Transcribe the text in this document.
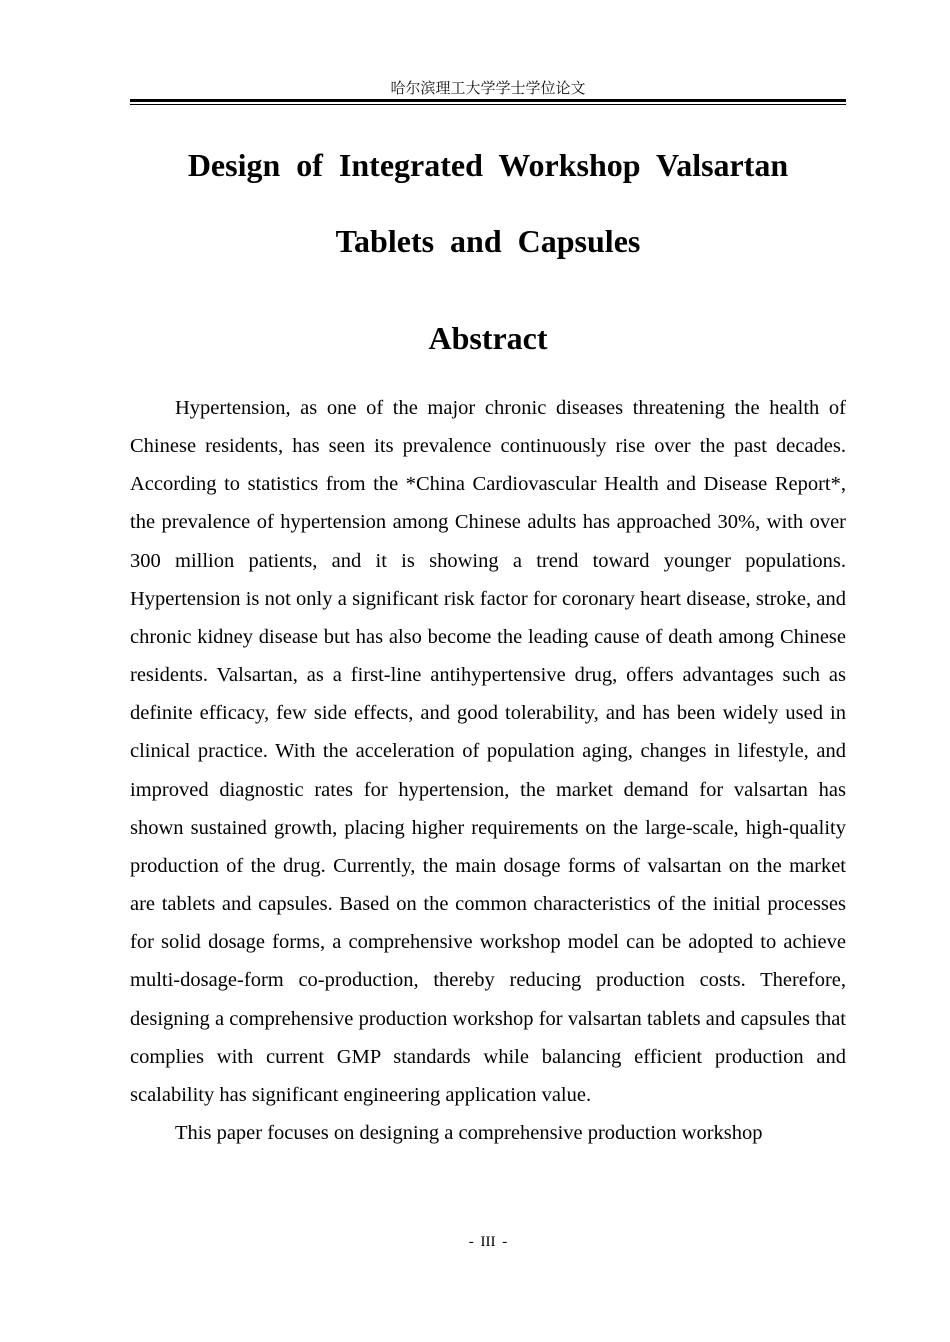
哈尔滨理工大学学士学位论文
Design of Integrated Workshop Valsartan
Tablets and Capsules
Abstract

Hypertension, as one of the major chronic diseases threatening the health of Chinese residents, has seen its prevalence continuously rise over the past decades. According to statistics from the *China Cardiovascular Health and Disease Report*, the prevalence of hypertension among Chinese adults has approached 30%, with over 300 million patients, and it is showing a trend toward younger populations. Hypertension is not only a significant risk factor for coronary heart disease, stroke, and chronic kidney disease but has also become the leading cause of death among Chinese residents. Valsartan, as a first-line antihypertensive drug, offers advantages such as definite efficacy, few side effects, and good tolerability, and has been widely used in clinical practice. With the acceleration of population aging, changes in lifestyle, and improved diagnostic rates for hypertension, the market demand for valsartan has shown sustained growth, placing higher requirements on the large-scale, high-quality production of the drug. Currently, the main dosage forms of valsartan on the market are tablets and capsules. Based on the common characteristics of the initial processes for solid dosage forms, a comprehensive workshop model can be adopted to achieve multi-dosage-form co-production, thereby reducing production costs. Therefore, designing a comprehensive production workshop for valsartan tablets and capsules that complies with current GMP standards while balancing efficient production and scalability has significant engineering application value.

This paper focuses on designing a comprehensive production workshop

- III -
